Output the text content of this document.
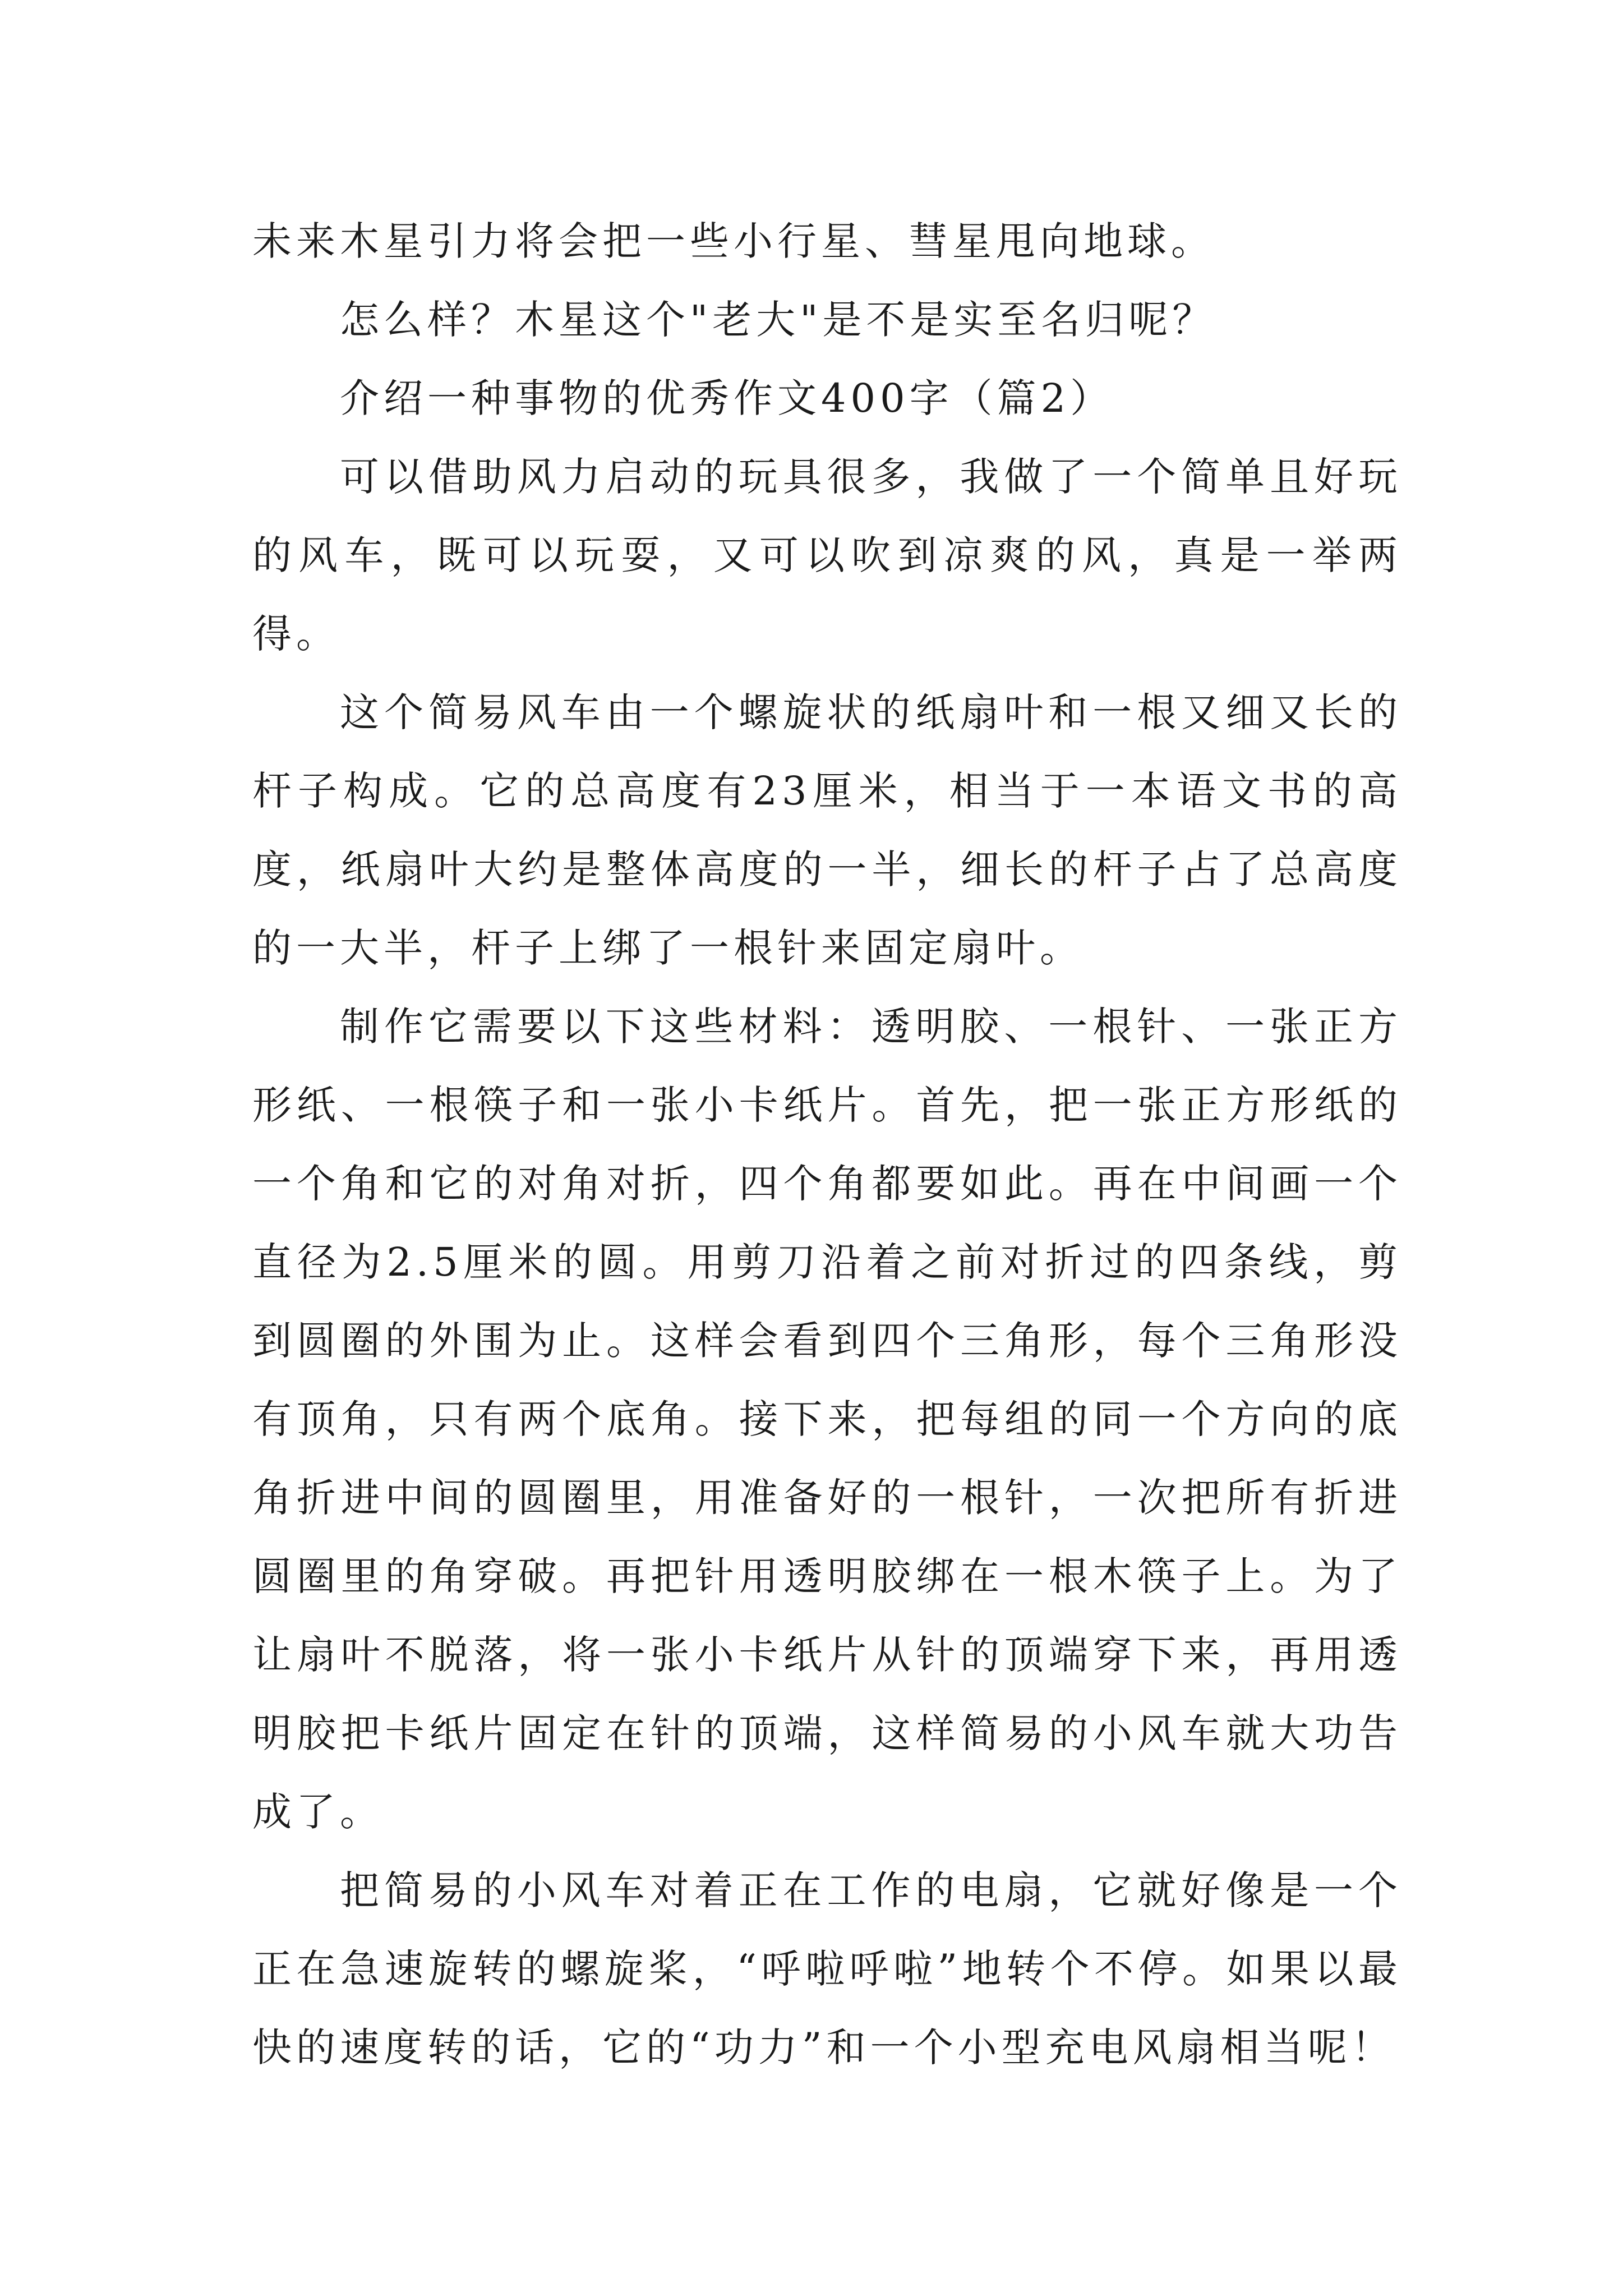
未来木星引力将会把一些小行星、彗星甩向地球。

怎么样？木星这个"老大"是不是实至名归呢？

介绍一种事物的优秀作文400字（篇2）

可以借助风力启动的玩具很多，我做了一个简单且好玩的风车，既可以玩耍，又可以吹到凉爽的风，真是一举两得。

这个简易风车由一个螺旋状的纸扇叶和一根又细又长的杆子构成。它的总高度有23厘米，相当于一本语文书的高度，纸扇叶大约是整体高度的一半，细长的杆子占了总高度的一大半，杆子上绑了一根针来固定扇叶。

制作它需要以下这些材料：透明胶、一根针、一张正方形纸、一根筷子和一张小卡纸片。首先，把一张正方形纸的一个角和它的对角对折，四个角都要如此。再在中间画一个直径为2.5厘米的圆。用剪刀沿着之前对折过的四条线，剪到圆圈的外围为止。这样会看到四个三角形，每个三角形没有顶角，只有两个底角。接下来，把每组的同一个方向的底角折进中间的圆圈里，用准备好的一根针，一次把所有折进圆圈里的角穿破。再把针用透明胶绑在一根木筷子上。为了让扇叶不脱落，将一张小卡纸片从针的顶端穿下来，再用透明胶把卡纸片固定在针的顶端，这样简易的小风车就大功告成了。

把简易的小风车对着正在工作的电扇，它就好像是一个正在急速旋转的螺旋桨，“呼啦呼啦”地转个不停。如果以最快的速度转的话，它的“功力”和一个小型充电风扇相当呢！
